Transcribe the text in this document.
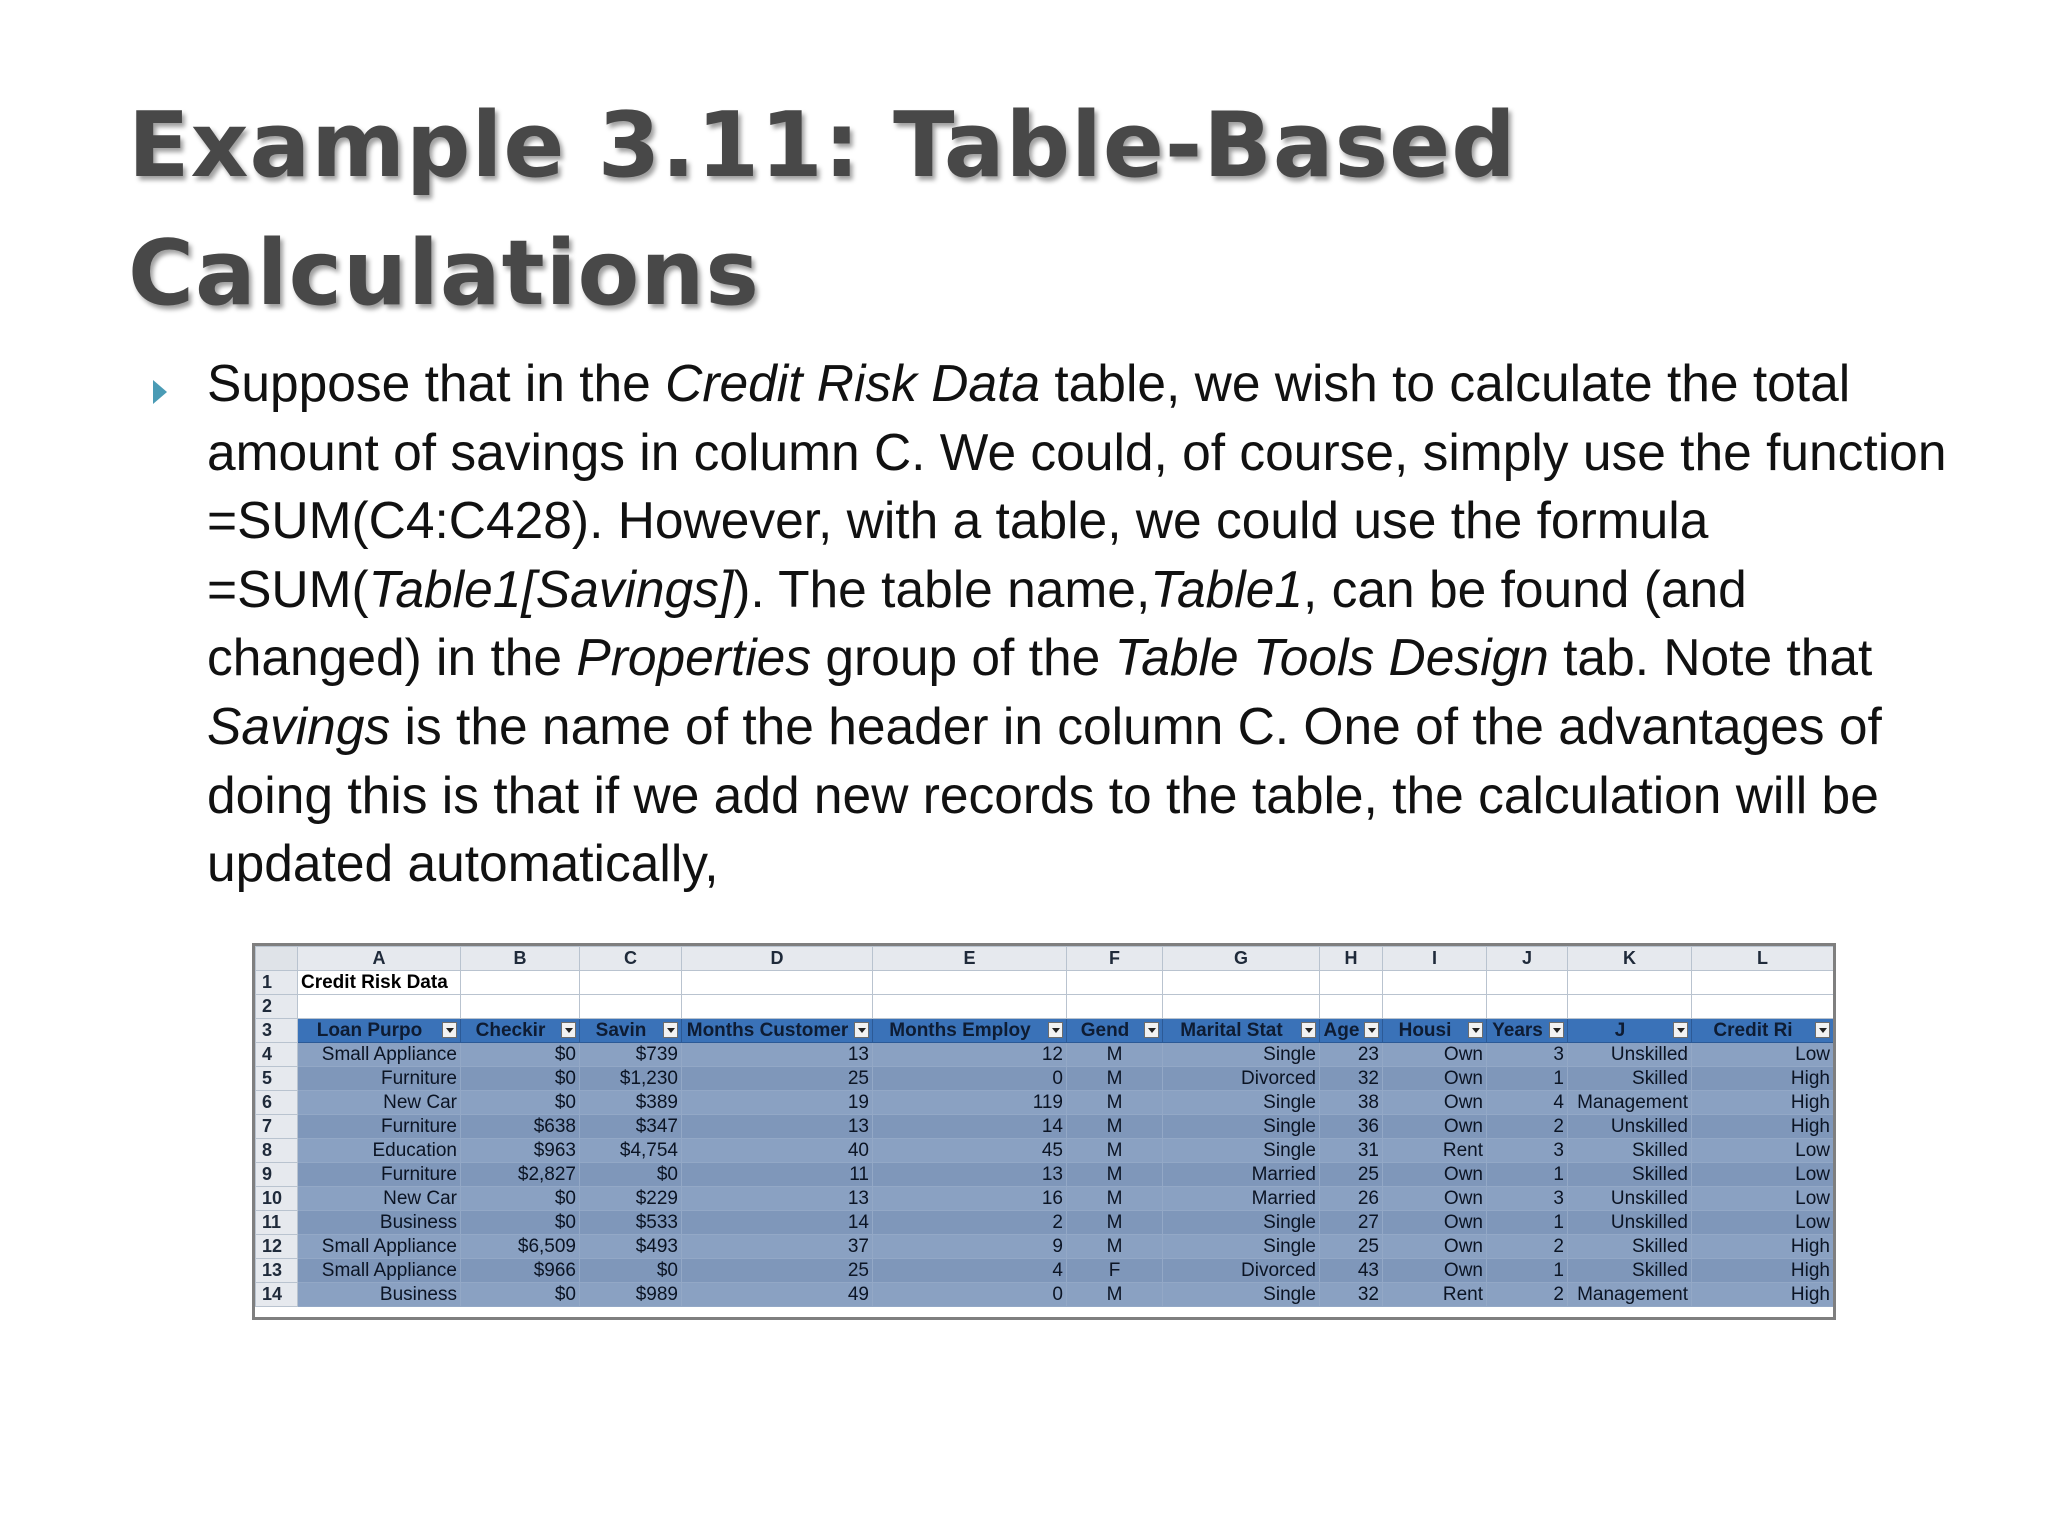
Example 3.11: Table-Based
Calculations

Suppose that in the Credit Risk Data table, we wish to calculate the total amount of savings in column C. We could, of course, simply use the function =SUM(C4:C428). However, with a table, we could use the formula =SUM(Table1[Savings]). The table name,Table1, can be found (and changed) in the Properties group of the Table Tools Design tab. Note that Savings is the name of the header in column C. One of the advantages of doing this is that if we add new records to the table, the calculation will be updated automatically,

	A	B	C	D	E	F	G	H	I	J	K	L
1	Credit Risk Data											
2												
3	Loan Purpo	Checkir	Savin	Months Customer	Months Employ	Gend	Marital Stat	Age	Housi	Years	J	Credit Ri

4	Small Appliance	$0	$739	13	12	M	Single	23	Own	3	Unskilled	Low
5	Furniture	$0	$1,230	25	0	M	Divorced	32	Own	1	Skilled	High
6	New Car	$0	$389	19	119	M	Single	38	Own	4	Management	High
7	Furniture	$638	$347	13	14	M	Single	36	Own	2	Unskilled	High
8	Education	$963	$4,754	40	45	M	Single	31	Rent	3	Skilled	Low
9	Furniture	$2,827	$0	11	13	M	Married	25	Own	1	Skilled	Low
10	New Car	$0	$229	13	16	M	Married	26	Own	3	Unskilled	Low
11	Business	$0	$533	14	2	M	Single	27	Own	1	Unskilled	Low
12	Small Appliance	$6,509	$493	37	9	M	Single	25	Own	2	Skilled	High
13	Small Appliance	$966	$0	25	4	F	Divorced	43	Own	1	Skilled	High
14	Business	$0	$989	49	0	M	Single	32	Rent	2	Management	High
